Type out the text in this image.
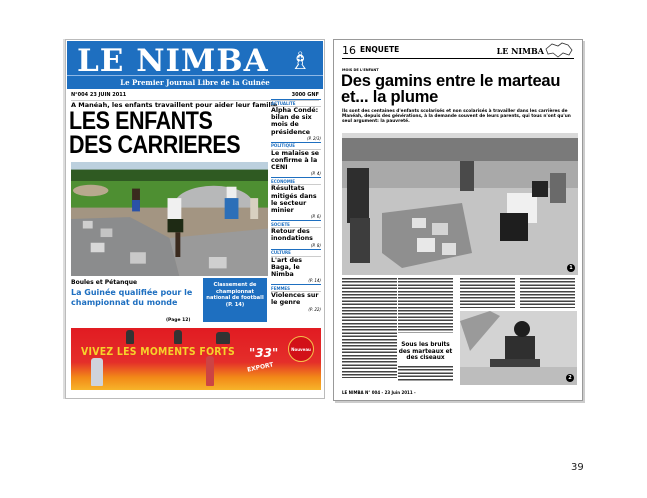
LE NIMBA ♗
Le Premier Journal Libre de la Guinée
N°004 23 JUIN 2011	3000 GNF
A Manéah, les enfants travaillent pour aider leur famille
LES ENFANTS
DES CARRIERES
ACTUALITE
Alpha Condé: bilan de six mois de présidence
(P. 2/3)
POLITIQUE
Le malaise se confirme à la CENI
(P. 4)
ECONOMIE
Résultats mitigés dans le secteur minier
(P. 6)
SOCIETE
Retour des inondations
(P. 8)
CULTURE
L'art des Baga, le Nimba
(P. 14)
FEMMES
Violences sur le genre
(P. 22)
Boules et Pétanque
La Guinée qualifiée pour le championnat du monde
(Page 12)
Classement de championnat national de football (P. 14)
VIVEZ LES MOMENTS FORTS "33"
EXPORT
Nouveau
16 ENQUETE	LE NIMBA
MOIS DE L'ENFANT
Des gamins entre le marteau et... la plume
Ils sont des centaines d'enfants scolarisés et non scolarisés à travailler dans les carrières de Manéah, depuis des générations, à la demande souvent de leurs parents, qui tous n'ont qu'un seul argument: la pauvreté.
1
Sous les bruits des marteaux et des ciseaux
2
LE NIMBA N° 004 - 23 Juin 2011 -
39
